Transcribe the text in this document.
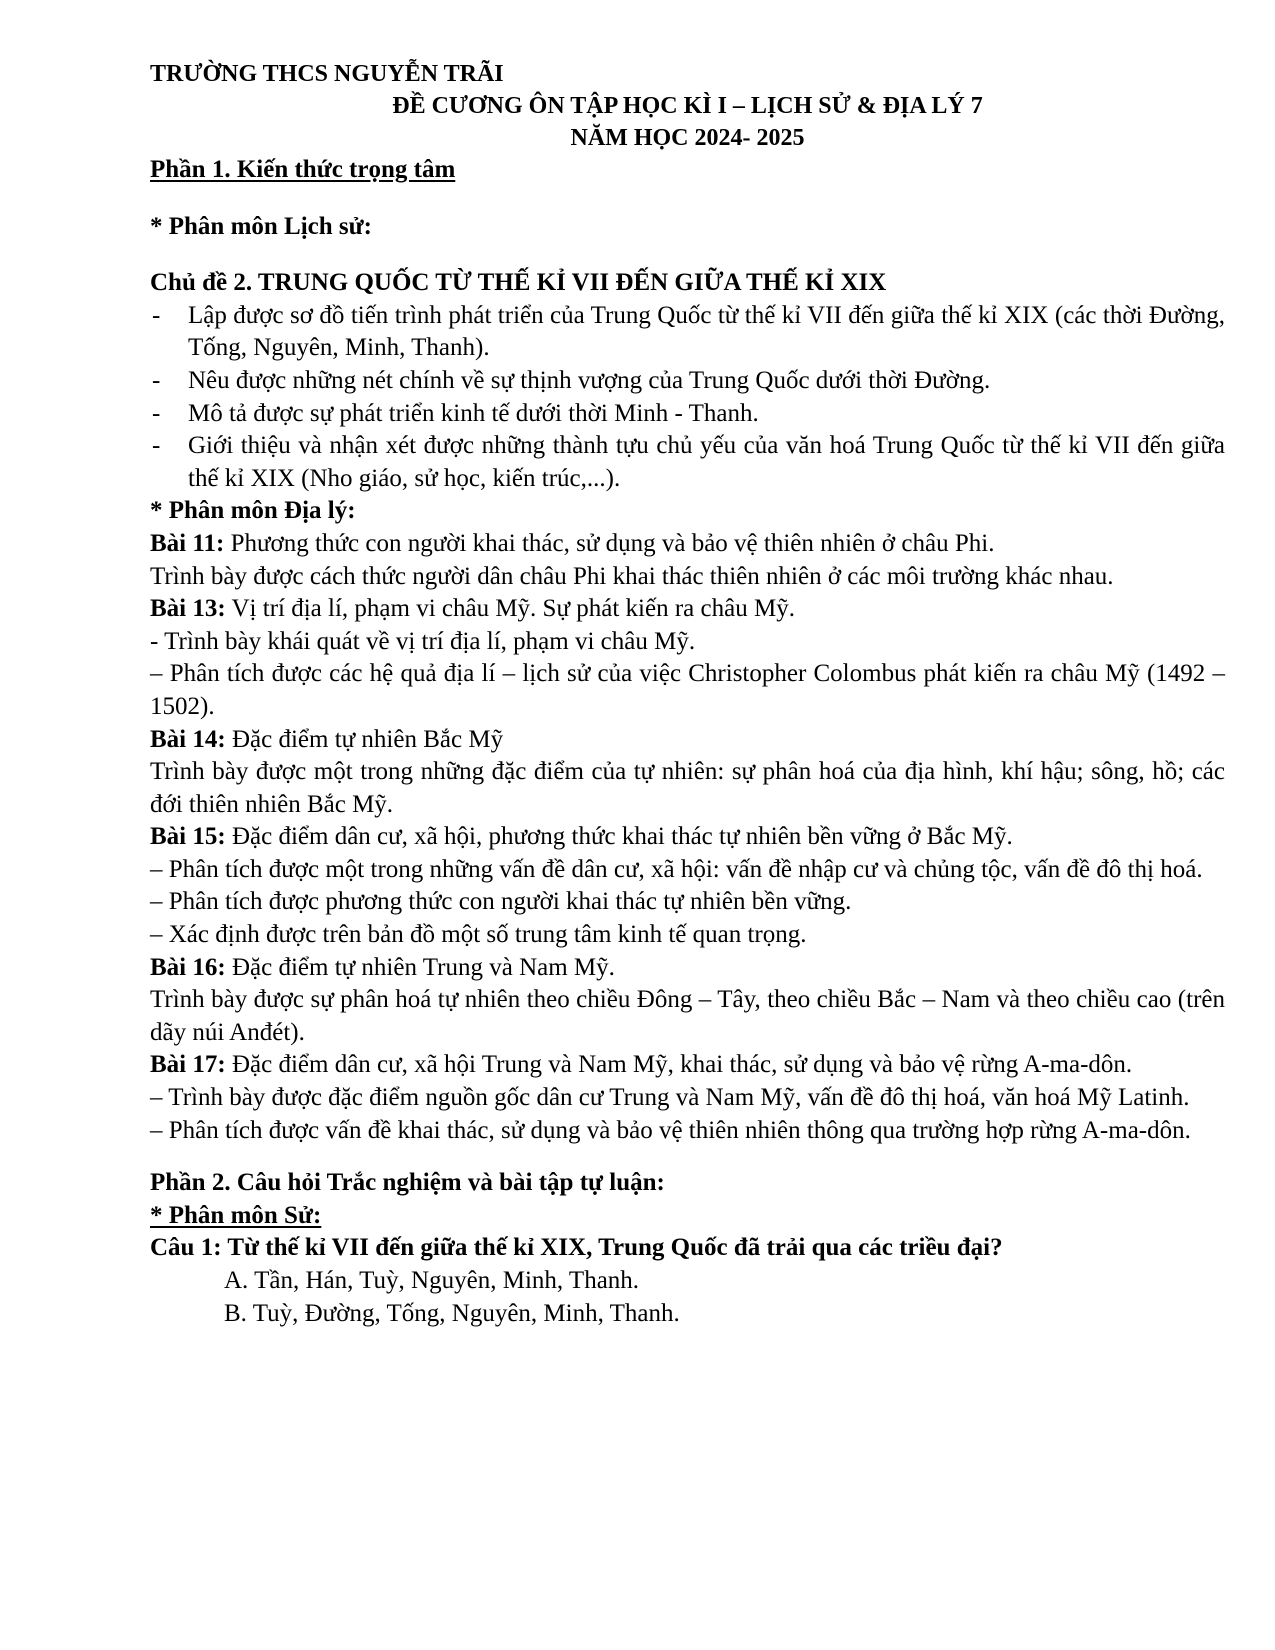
TRƯỜNG THCS NGUYỄN TRÃI
ĐỀ CƯƠNG ÔN TẬP HỌC KÌ I – LỊCH SỬ & ĐỊA LÝ 7
NĂM HỌC 2024- 2025
Phần 1. Kiến thức trọng tâm
* Phân môn Lịch sử:
Chủ đề 2. TRUNG QUỐC TỪ THẾ KỈ VII ĐẾN GIỮA THẾ KỈ XIX
- Lập được sơ đồ tiến trình phát triển của Trung Quốc từ thế kỉ VII đến giữa thế kỉ XIX (các thời Đường, Tống, Nguyên, Minh, Thanh).
- Nêu được những nét chính về sự thịnh vượng của Trung Quốc dưới thời Đường.
- Mô tả được sự phát triển kinh tế dưới thời Minh - Thanh.
- Giới thiệu và nhận xét được những thành tựu chủ yếu của văn hoá Trung Quốc từ thế kỉ VII đến giữa thế kỉ XIX (Nho giáo, sử học, kiến trúc,...).
* Phân môn Địa lý:
Bài 11: Phương thức con người khai thác, sử dụng và bảo vệ thiên nhiên ở châu Phi.
Trình bày được cách thức người dân châu Phi khai thác thiên nhiên ở các môi trường khác nhau.
Bài 13: Vị trí địa lí, phạm vi châu Mỹ. Sự phát kiến ra châu Mỹ.
- Trình bày khái quát về vị trí địa lí, phạm vi châu Mỹ.
– Phân tích được các hệ quả địa lí – lịch sử của việc Christopher Colombus phát kiến ra châu Mỹ (1492 – 1502).
Bài 14: Đặc điểm tự nhiên Bắc Mỹ
Trình bày được một trong những đặc điểm của tự nhiên: sự phân hoá của địa hình, khí hậu; sông, hồ; các đới thiên nhiên Bắc Mỹ.
Bài 15: Đặc điểm dân cư, xã hội, phương thức khai thác tự nhiên bền vững ở Bắc Mỹ.
– Phân tích được một trong những vấn đề dân cư, xã hội: vấn đề nhập cư và chủng tộc, vấn đề đô thị hoá.
– Phân tích được phương thức con người khai thác tự nhiên bền vững.
– Xác định được trên bản đồ một số trung tâm kinh tế quan trọng.
Bài 16: Đặc điểm tự nhiên Trung và Nam Mỹ.
Trình bày được sự phân hoá tự nhiên theo chiều Đông – Tây, theo chiều Bắc – Nam và theo chiều cao (trên dãy núi Anđét).
Bài 17: Đặc điểm dân cư, xã hội Trung và Nam Mỹ, khai thác, sử dụng và bảo vệ rừng A-ma-dôn.
– Trình bày được đặc điểm nguồn gốc dân cư Trung và Nam Mỹ, vấn đề đô thị hoá, văn hoá Mỹ Latinh.
– Phân tích được vấn đề khai thác, sử dụng và bảo vệ thiên nhiên thông qua trường hợp rừng A-ma-dôn.
Phần 2. Câu hỏi Trắc nghiệm và bài tập tự luận:
* Phân môn Sử:
Câu 1: Từ thế kỉ VII đến giữa thế kỉ XIX, Trung Quốc đã trải qua các triều đại?
A. Tần, Hán, Tuỳ, Nguyên, Minh, Thanh.
B. Tuỳ, Đường, Tống, Nguyên, Minh, Thanh.
